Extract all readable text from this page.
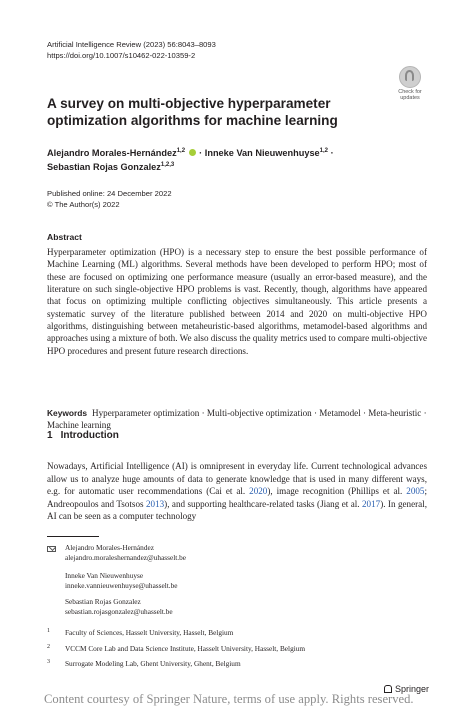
Artificial Intelligence Review (2023) 56:8043–8093
https://doi.org/10.1007/s10462-022-10359-2
Check for
updates
A survey on multi-objective hyperparameter optimization algorithms for machine learning
Alejandro Morales-Hernández$^{1,2}$ · Inneke Van Nieuwenhuyse$^{1,2}$ ·
Sebastian Rojas Gonzalez$^{1,2,3}$
Published online: 24 December 2022
© The Author(s) 2022
Abstract
Hyperparameter optimization (HPO) is a necessary step to ensure the best possible performance of Machine Learning (ML) algorithms. Several methods have been developed to perform HPO; most of these are focused on optimizing one performance measure (usually an error-based measure), and the literature on such single-objective HPO problems is vast. Recently, though, algorithms have appeared that focus on optimizing multiple conflicting objectives simultaneously. This article presents a systematic survey of the literature published between 2014 and 2020 on multi-objective HPO algorithms, distinguishing between metaheuristic-based algorithms, metamodel-based algorithms and approaches using a mixture of both. We also discuss the quality metrics used to compare multi-objective HPO procedures and present future research directions.
Keywords Hyperparameter optimization · Multi-objective optimization · Metamodel · Meta-heuristic · Machine learning
1 Introduction
Nowadays, Artificial Intelligence (AI) is omnipresent in everyday life. Current technological advances allow us to analyze huge amounts of data to generate knowledge that is used in many different ways, e.g. for automatic user recommendations (Cai et al. 2020), image recognition (Phillips et al. 2005; Andreopoulos and Tsotsos 2013), and supporting healthcare-related tasks (Jiang et al. 2017). In general, AI can be seen as a computer technology
Alejandro Morales-Hernández
alejandro.moraleshernandez@uhasselt.be
Inneke Van Nieuwenhuyse
inneke.vannieuwenhuyse@uhasselt.be
Sebastian Rojas Gonzalez
sebastian.rojasgonzalez@uhasselt.be
1 Faculty of Sciences, Hasselt University, Hasselt, Belgium
2 VCCM Core Lab and Data Science Institute, Hasselt University, Hasselt, Belgium
3 Surrogate Modeling Lab, Ghent University, Ghent, Belgium
Springer
Content courtesy of Springer Nature, terms of use apply. Rights reserved.
